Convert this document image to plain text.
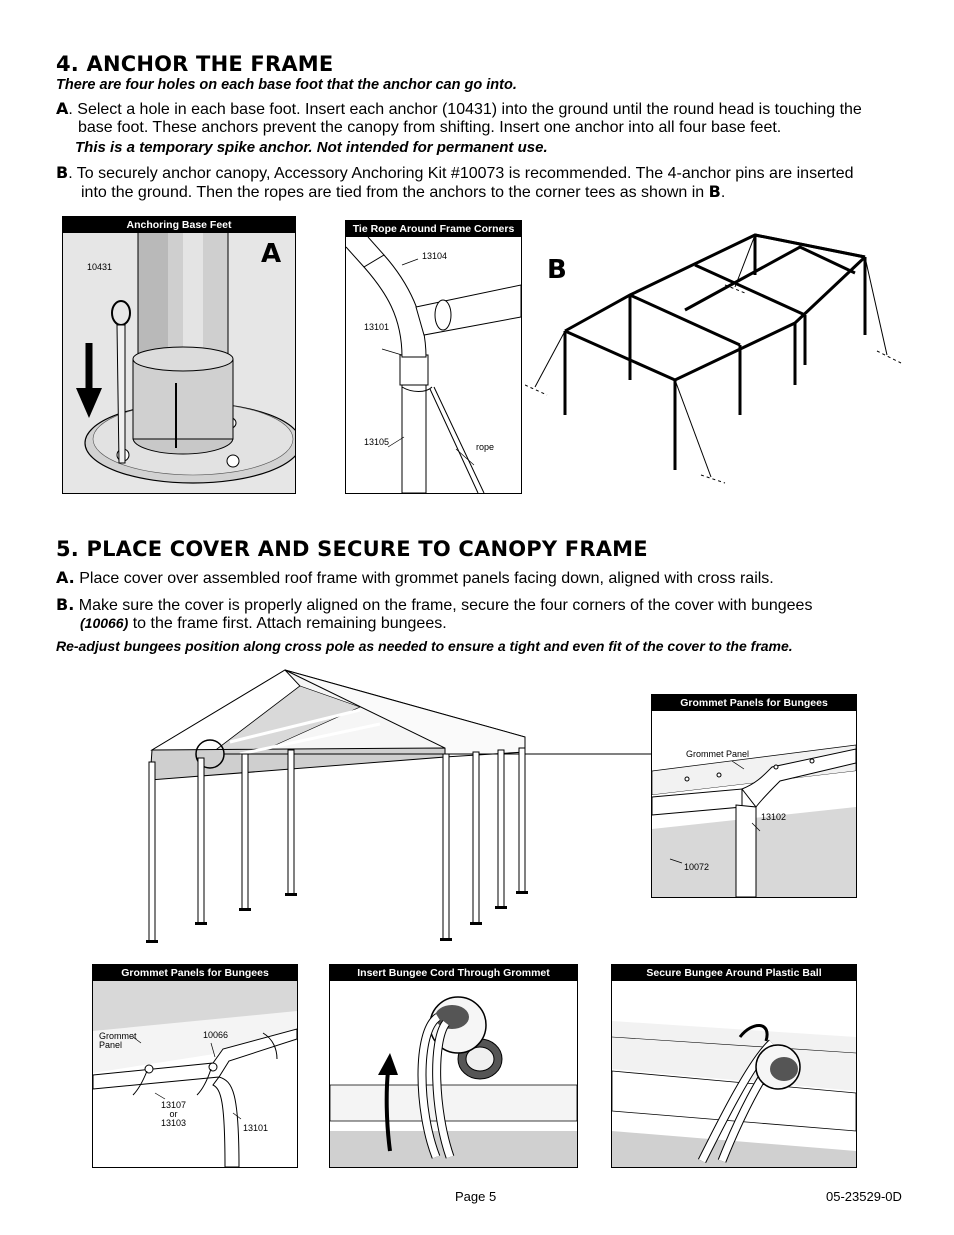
4. ANCHOR THE FRAME
There are four holes on each base foot that the anchor can go into.
A. Select a hole in each base foot. Insert each anchor (10431) into the ground until the round head is touching the
base foot. These anchors prevent the canopy from shifting. Insert one anchor into all four base feet.
This is a temporary spike anchor. Not intended for permanent use.
B. To securely anchor canopy, Accessory Anchoring Kit #10073 is recommended. The 4-anchor pins are inserted
into the ground. Then the ropes are tied from the anchors to the corner tees as shown in B.
Anchoring Base Feet
10431	A
Tie Rope Around Frame Corners
13104
13101
13105	rope
B
5. PLACE COVER AND SECURE TO CANOPY FRAME
A. Place cover over assembled roof frame with grommet panels facing down, aligned with cross rails.
B. Make sure the cover is properly aligned on the frame, secure the four corners of the cover with bungees
(10066) to the frame first. Attach remaining bungees.
Re-adjust bungees position along cross pole as needed to ensure a tight and even fit of the cover to the frame.
Grommet Panels for Bungees
Grommet Panel
13102
10072
Grommet Panels for Bungees
Grommet
Panel
10066
13107
or
13103	13101
Insert Bungee Cord Through Grommet	Secure Bungee Around Plastic Ball
Page 5	05-23529-0D
